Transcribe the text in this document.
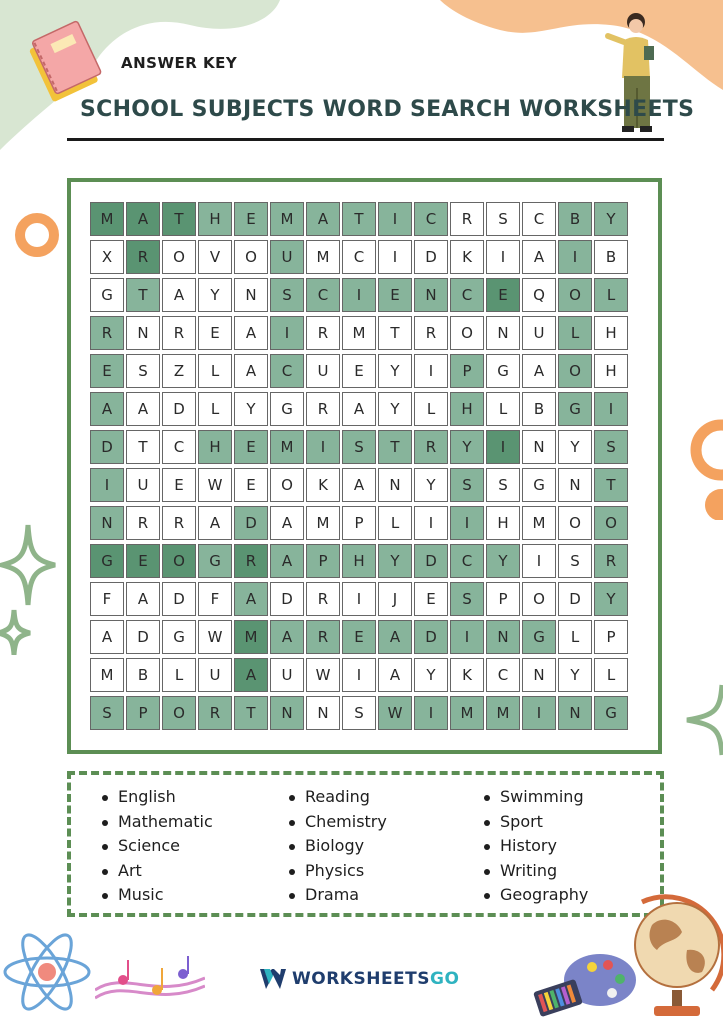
ANSWER KEY
SCHOOL SUBJECTS WORD SEARCH WORKSHEETS
M	A	T	H	E	M	A	T	I	C	R	S	C	B	Y
X	R	O	V	O	U	M	C	I	D	K	I	A	I	B
G	T	A	Y	N	S	C	I	E	N	C	E	Q	O	L
R	N	R	E	A	I	R	M	T	R	O	N	U	L	H
E	S	Z	L	A	C	U	E	Y	I	P	G	A	O	H
A	A	D	L	Y	G	R	A	Y	L	H	L	B	G	I
D	T	C	H	E	M	I	S	T	R	Y	I	N	Y	S
I	U	E	W	E	O	K	A	N	Y	S	S	G	N	T
N	R	R	A	D	A	M	P	L	I	I	H	M	O	O
G	E	O	G	R	A	P	H	Y	D	C	Y	I	S	R
F	A	D	F	A	D	R	I	J	E	S	P	O	D	Y
A	D	G	W	M	A	R	E	A	D	I	N	G	L	P
M	B	L	U	A	U	W	I	A	Y	K	C	N	Y	L
S	P	O	R	T	N	N	S	W	I	M	M	I	N	G
English
Mathematic
Science
Art
Music
Reading
Chemistry
Biology
Physics
Drama
Swimming
Sport
History
Writing
Geography
WORKSHEETS GO
